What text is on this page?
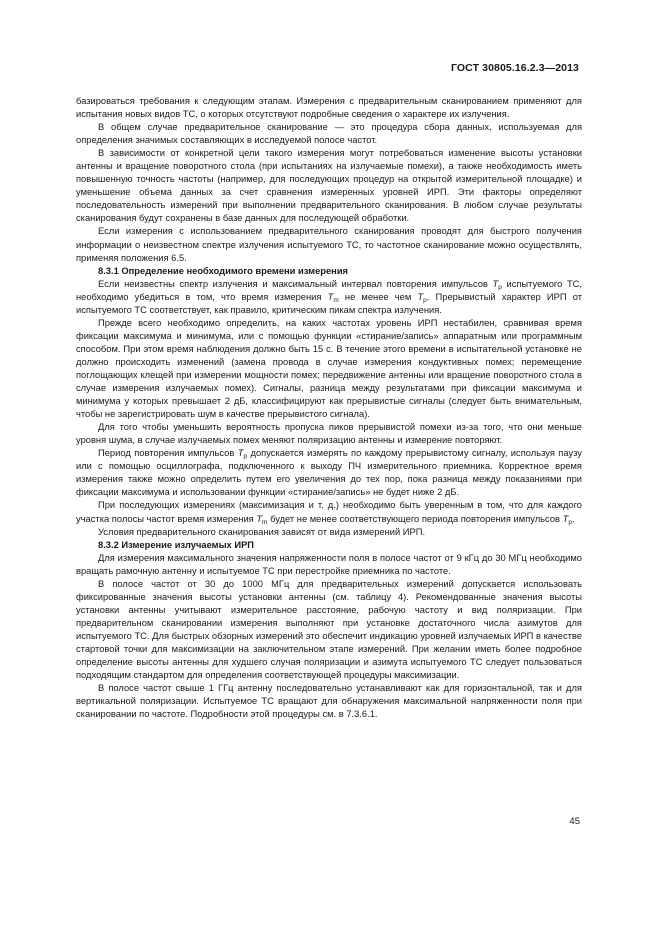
ГОСТ 30805.16.2.3—2013

базироваться требования к следующим этапам. Измерения с предварительным сканированием применяют для испытания новых видов ТС, о которых отсутствуют подробные сведения о характере их излучения.

В общем случае предварительное сканирование — это процедура сбора данных, используемая для определения значимых составляющих в исследуемой полосе частот.

В зависимости от конкретной цели такого измерения могут потребоваться изменение высоты установки антенны и вращение поворотного стола (при испытаниях на излучаемые помехи), а также необходимость иметь повышенную точность частоты (например, для последующих процедур на открытой измерительной площадке) и уменьшение объема данных за счет сравнения измеренных уровней ИРП. Эти факторы определяют последовательность измерений при выполнении предварительного сканирования. В любом случае результаты сканирования будут сохранены в базе данных для последующей обработки.

Если измерения с использованием предварительного сканирования проводят для быстрого получения информации о неизвестном спектре излучения испытуемого ТС, то частотное сканирование можно осуществлять, применяя положения 6.5.

8.3.1 Определение необходимого времени измерения

Если неизвестны спектр излучения и максимальный интервал повторения импульсов $T_p$ испытуемого ТС, необходимо убедиться в том, что время измерения $T_m$ не менее чем $T_p$. Прерывистый характер ИРП от испытуемого ТС соответствует, как правило, критическим пикам спектра излучения.

Прежде всего необходимо определить, на каких частотах уровень ИРП нестабилен, сравнивая время фиксации максимума и минимума, или с помощью функции «стирание/запись» аппаратным или программным способом. При этом время наблюдения должно быть 15 с. В течение этого времени в испытательной установке не должно происходить изменений (замена провода в случае измерения кондуктивных помех; перемещение поглощающих клещей при измерении мощности помех; передвижение антенны или вращение поворотного стола в случае измерения излучаемых помех). Сигналы, разница между результатами при фиксации максимума и минимума у которых превышает 2 дБ, классифицируют как прерывистые сигналы (следует быть внимательным, чтобы не зарегистрировать шум в качестве прерывистого сигнала).

Для того чтобы уменьшить вероятность пропуска пиков прерывистой помехи из-за того, что они меньше уровня шума, в случае излучаемых помех меняют поляризацию антенны и измерение повторяют.

Период повторения импульсов $T_p$ допускается измерять по каждому прерывистому сигналу, используя паузу или с помощью осциллографа, подключенного к выходу ПЧ измерительного приемника. Корректное время измерения также можно определить путем его увеличения до тех пор, пока разница между показаниями при фиксации максимума и использовании функции «стирание/запись» не будет ниже 2 дБ.

При последующих измерениях (максимизация и т. д.) необходимо быть уверенным в том, что для каждого участка полосы частот время измерения $T_m$ будет не менее соответствующего периода повторения импульсов $T_p$.

Условия предварительного сканирования зависят от вида измерений ИРП.

8.3.2 Измерение излучаемых ИРП

Для измерения максимального значения напряженности поля в полосе частот от 9 кГц до 30 МГц необходимо вращать рамочную антенну и испытуемое ТС при перестройке приемника по частоте.

В полосе частот от 30 до 1000 МГц для предварительных измерений допускается использовать фиксированные значения высоты установки антенны (см. таблицу 4). Рекомендованные значения высоты установки антенны учитывают измерительное расстояние, рабочую частоту и вид поляризации. При предварительном сканировании измерения выполняют при установке достаточного числа азимутов для испытуемого ТС. Для быстрых обзорных измерений это обеспечит индикацию уровней излучаемых ИРП в качестве стартовой точки для максимизации на заключительном этапе измерений. При желании иметь более подробное определение высоты антенны для худшего случая поляризации и азимута испытуемого ТС следует пользоваться подходящим стандартом для определения соответствующей процедуры максимизации.

В полосе частот свыше 1 ГГц антенну последовательно устанавливают как для горизонтальной, так и для вертикальной поляризации. Испытуемое ТС вращают для обнаружения максимальной напряженности поля при сканировании по частоте. Подробности этой процедуры см. в 7.3.6.1.

45
